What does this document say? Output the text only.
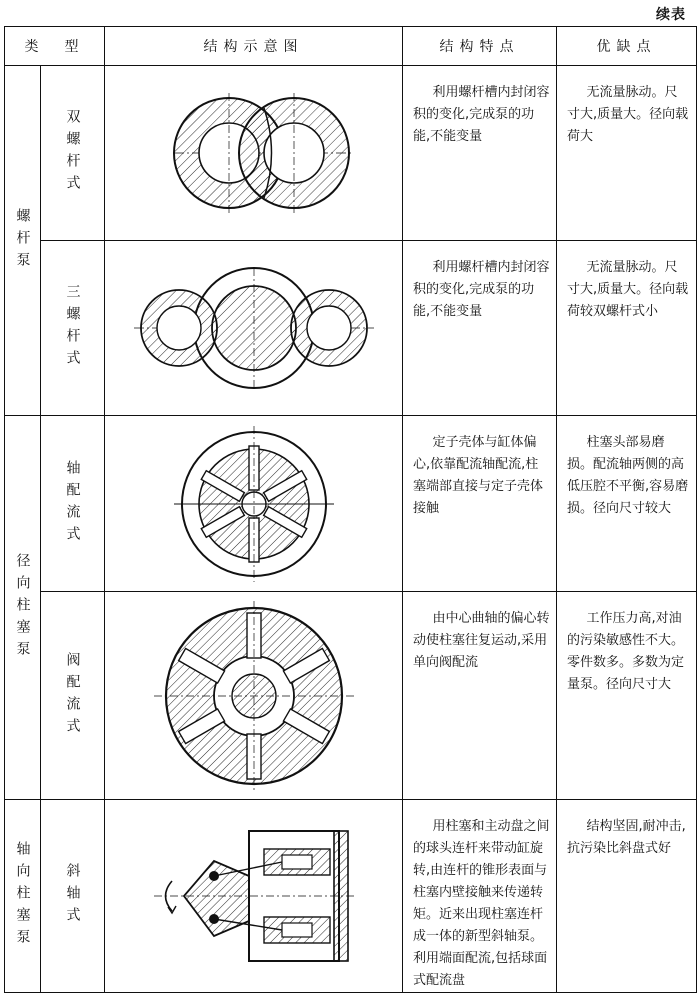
续表
类　型		结构示意图	结构特点	优缺点

螺杆泵	双螺杆式		利用螺杆槽内封闭容积的变化,完成泵的功能,不能变量	无流量脉动。尺寸大,质量大。径向载荷大

	三螺杆式		利用螺杆槽内封闭容积的变化,完成泵的功能,不能变量	无流量脉动。尺寸大,质量大。径向载荷较双螺杆式小

径向柱塞泵	轴配流式		定子壳体与缸体偏心,依靠配流轴配流,柱塞端部直接与定子壳体接触	柱塞头部易磨损。配流轴两侧的高低压腔不平衡,容易磨损。径向尺寸较大

	阀配流式		由中心曲轴的偏心转动使柱塞往复运动,采用单向阀配流	工作压力高,对油的污染敏感性不大。零件数多。多数为定量泵。径向尺寸大

轴向柱塞泵	斜轴式		用柱塞和主动盘之间的球头连杆来带动缸旋转,由连杆的锥形表面与柱塞内壁接触来传递转矩。近来出现柱塞连杆成一体的新型斜轴泵。利用端面配流,包括球面式配流盘	结构坚固,耐冲击,抗污染比斜盘式好
